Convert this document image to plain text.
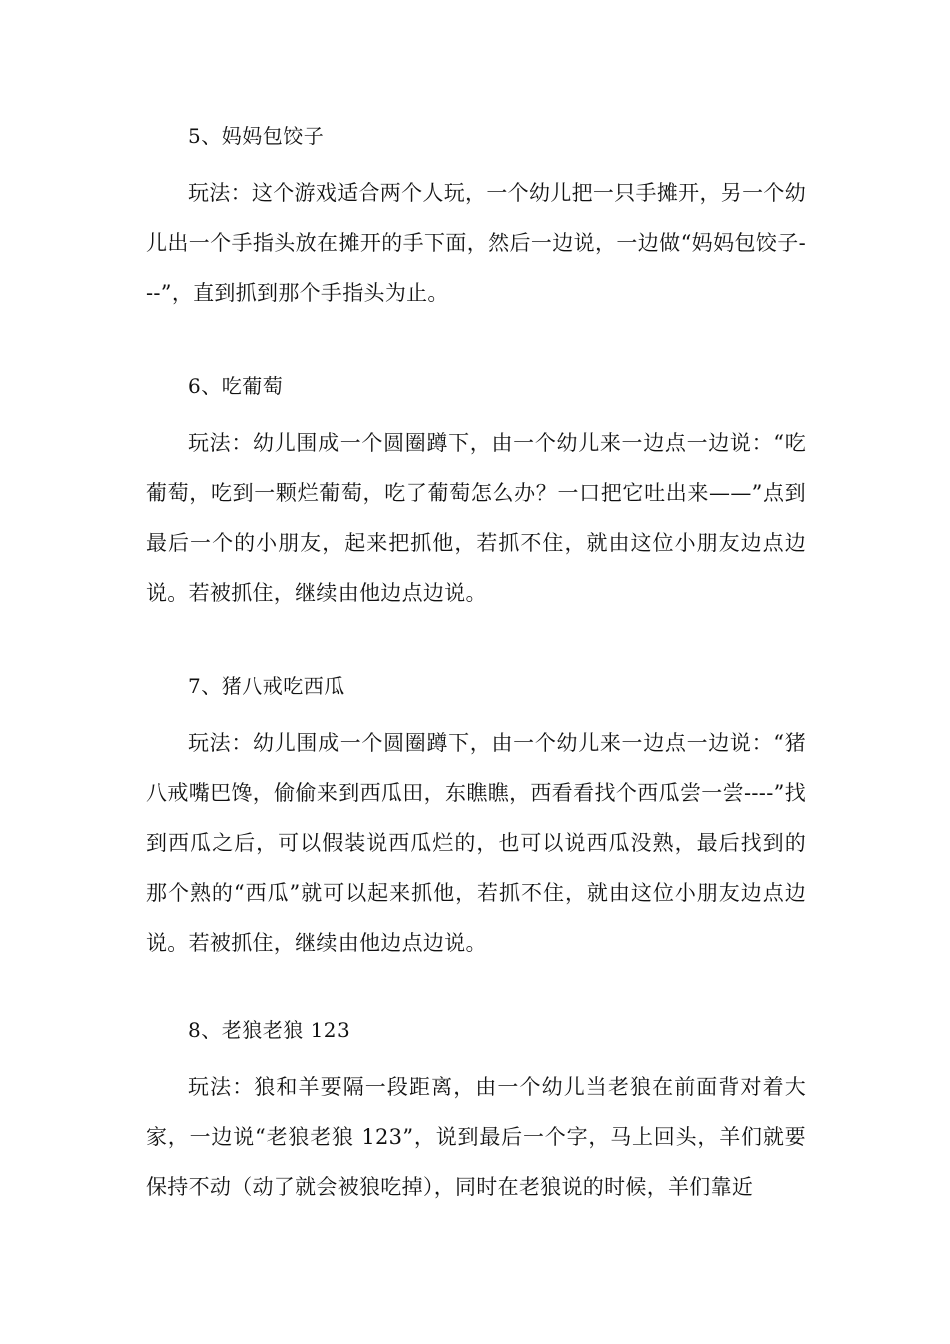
5、妈妈包饺子

玩法：这个游戏适合两个人玩，一个幼儿把一只手摊开，另一个幼儿出一个手指头放在摊开的手下面，然后一边说，一边做“妈妈包饺子---”，直到抓到那个手指头为止。

6、吃葡萄

玩法：幼儿围成一个圆圈蹲下，由一个幼儿来一边点一边说：“吃葡萄，吃到一颗烂葡萄，吃了葡萄怎么办？一口把它吐出来——”点到最后一个的小朋友，起来把抓他，若抓不住，就由这位小朋友边点边说。若被抓住，继续由他边点边说。

7、猪八戒吃西瓜

玩法：幼儿围成一个圆圈蹲下，由一个幼儿来一边点一边说：“猪八戒嘴巴馋，偷偷来到西瓜田，东瞧瞧，西看看找个西瓜尝一尝----”找到西瓜之后，可以假装说西瓜烂的，也可以说西瓜没熟，最后找到的那个熟的“西瓜”就可以起来抓他，若抓不住，就由这位小朋友边点边说。若被抓住，继续由他边点边说。

8、老狼老狼 123

玩法：狼和羊要隔一段距离，由一个幼儿当老狼在前面背对着大家，一边说“老狼老狼 123”，说到最后一个字，马上回头，羊们就要保持不动（动了就会被狼吃掉），同时在老狼说的时候，羊们靠近
